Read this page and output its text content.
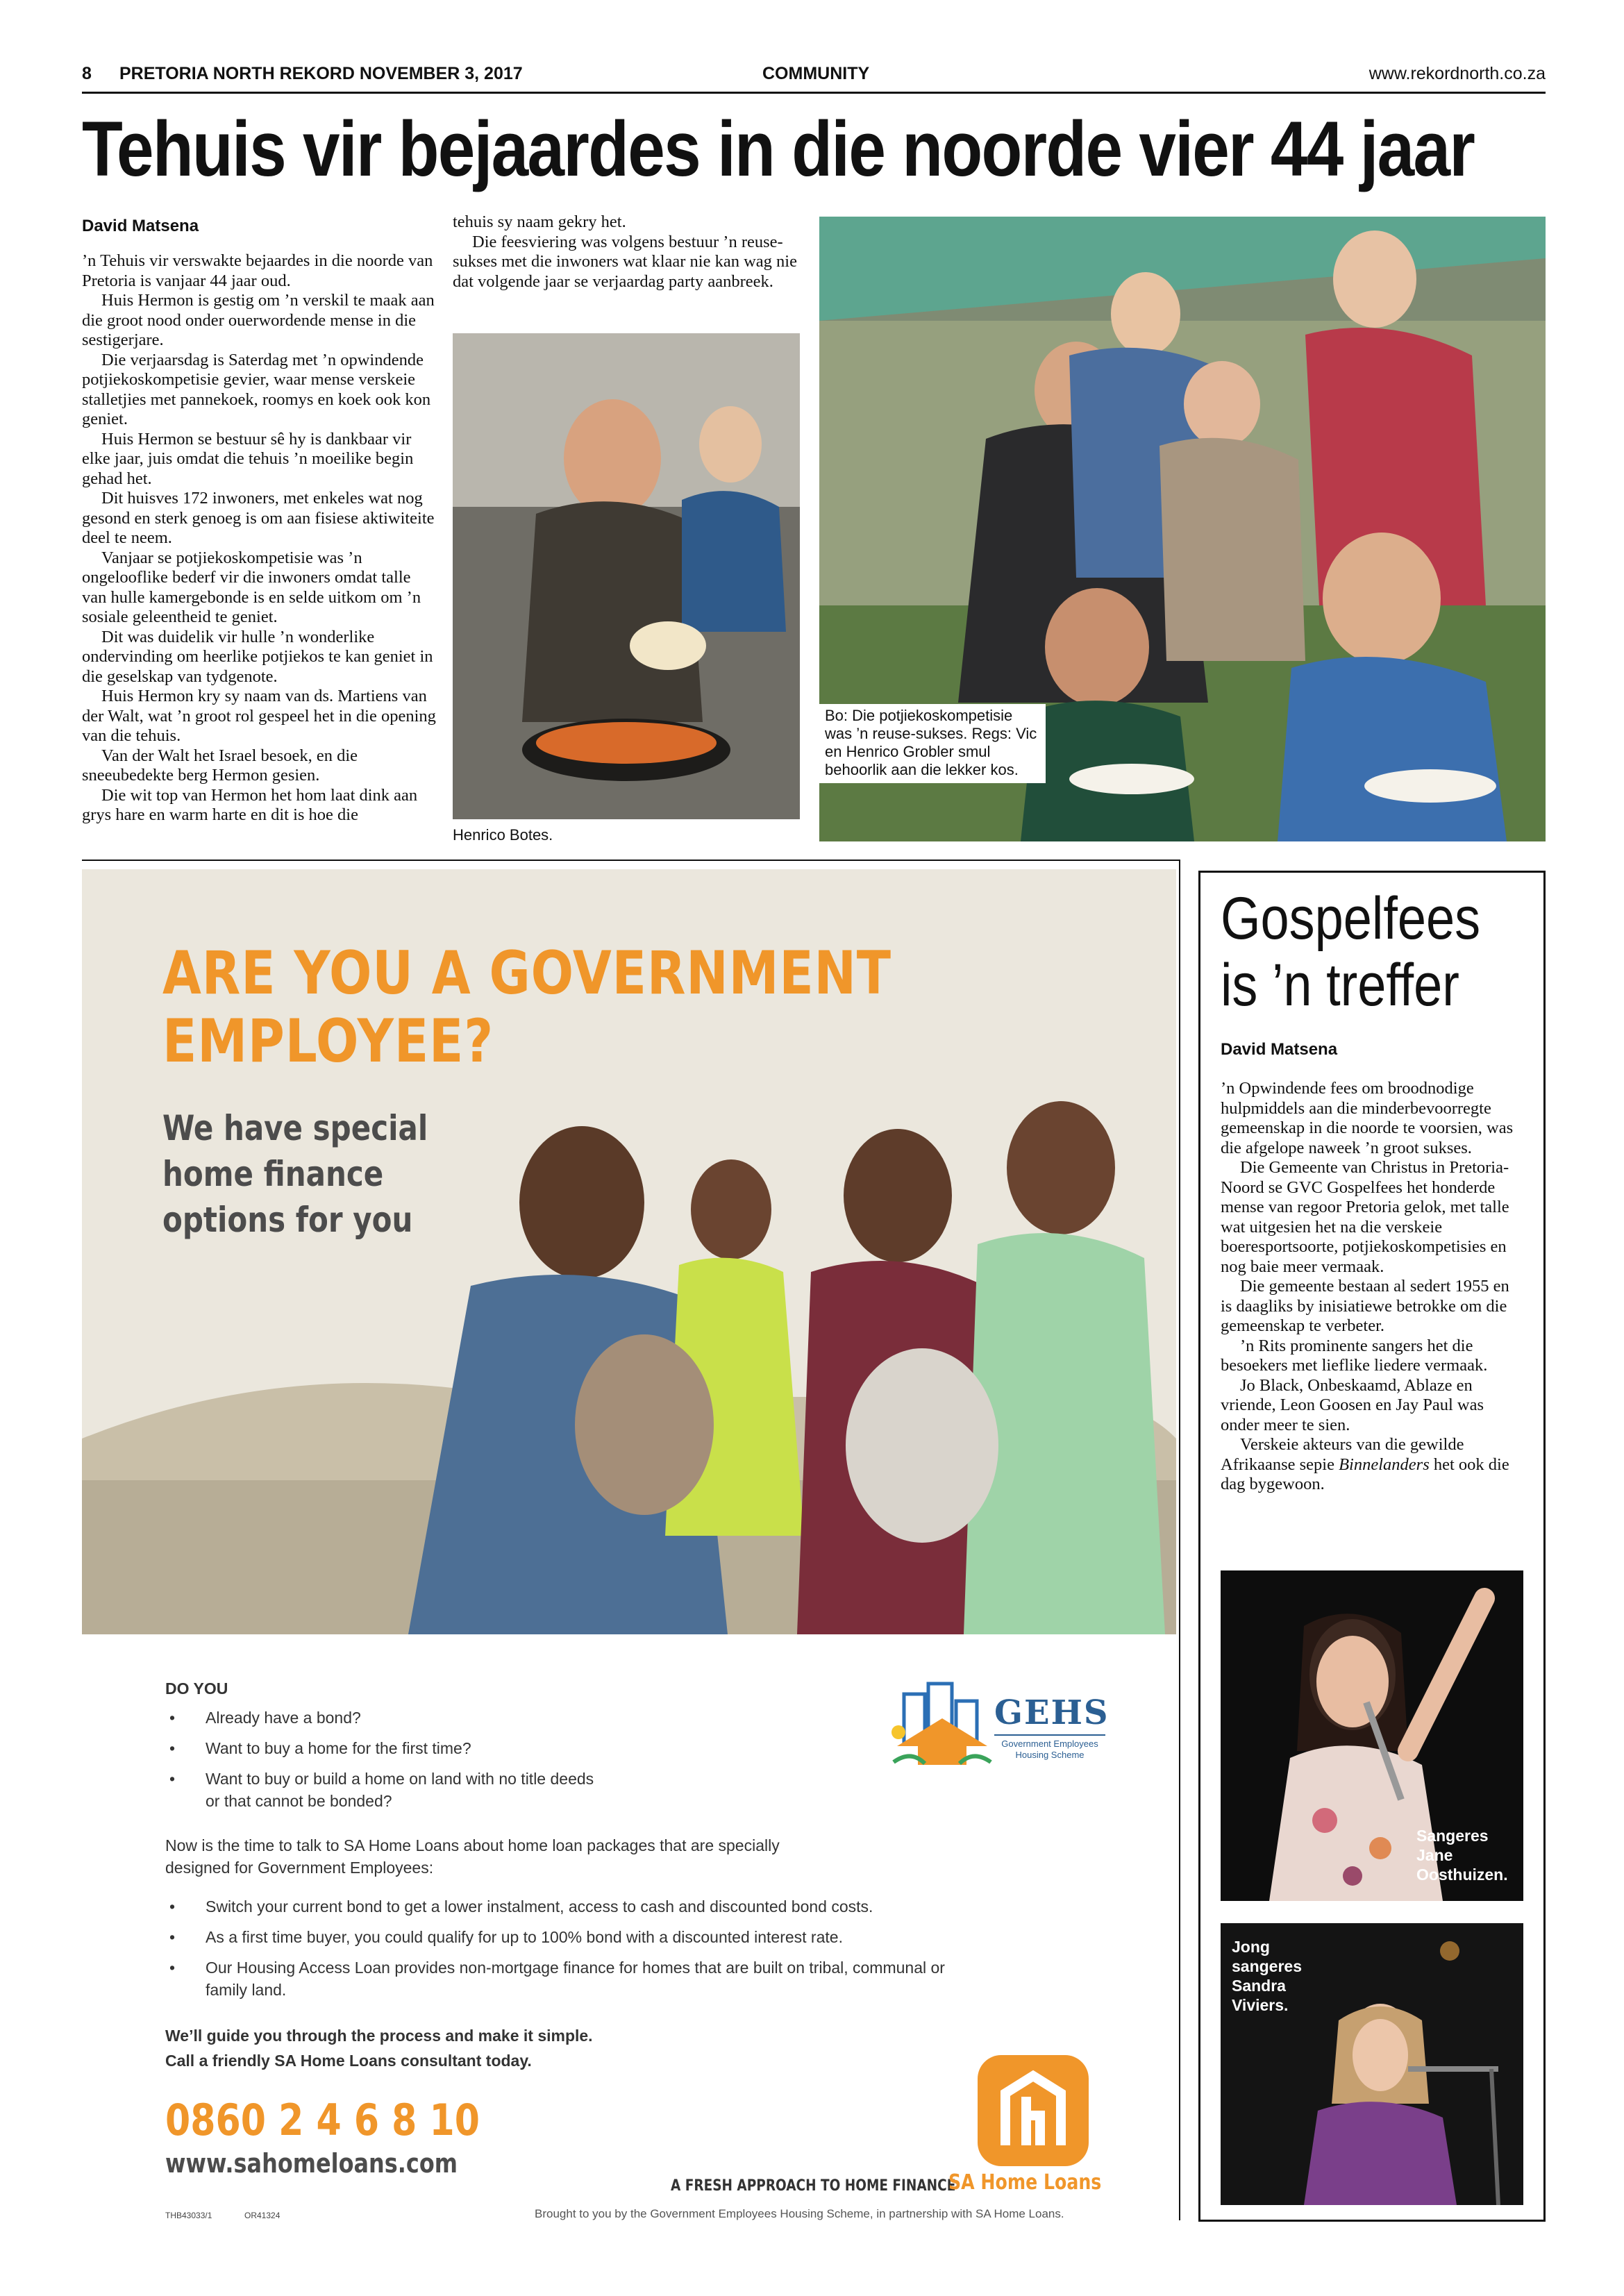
8 PRETORIA NORTH REKORD NOVEMBER 3, 2017	COMMUNITY	www.rekordnorth.co.za
Tehuis vir bejaardes in die noorde vier 44 jaar
David Matsena

’n Tehuis vir verswakte bejaardes in die noorde van Pretoria is vanjaar 44 jaar oud.

Huis Hermon is gestig om ’n verskil te maak aan die groot nood onder ouerwordende mense in die sestigerjare.

Die verjaarsdag is Saterdag met ’n opwindende potjiekoskompetisie gevier, waar mense verskeie stalletjies met pannekoek, roomys en koek ook kon geniet.

Huis Hermon se bestuur sê hy is dankbaar vir elke jaar, juis omdat die tehuis ’n moeilike begin gehad het.

Dit huisves 172 inwoners, met enkeles wat nog gesond en sterk genoeg is om aan fisiese aktiwiteite deel te neem.

Vanjaar se potjiekoskompetisie was ’n ongelooflike bederf vir die inwoners omdat talle van hulle kamergebonde is en selde uitkom om ’n sosiale geleentheid te geniet.

Dit was duidelik vir hulle ’n wonderlike ondervinding om heerlike potjiekos te kan geniet in die geselskap van tydgenote.

Huis Hermon kry sy naam van ds. Martiens van der Walt, wat ’n groot rol gespeel het in die opening van die tehuis.

Van der Walt het Israel besoek, en die sneeubedekte berg Hermon gesien.

Die wit top van Hermon het hom laat dink aan grys hare en warm harte en dit is hoe die

tehuis sy naam gekry het.

Die feesviering was volgens bestuur ’n reuse-sukses met die inwoners wat klaar nie kan wag nie dat volgende jaar se verjaardag party aanbreek.

Henrico Botes.
Bo: Die potjiekoskompetisie was ’n reuse-sukses. Regs: Vic en Henrico Grobler smul behoorlik aan die lekker kos.
ARE YOU A GOVERNMENT
EMPLOYEE?
We have special
home finance
options for you
DO YOU
• Already have a bond?
• Want to buy a home for the first time?
• Want to buy or build a home on land with no title deeds or that cannot be bonded?
Now is the time to talk to SA Home Loans about home loan packages that are specially designed for Government Employees:
• Switch your current bond to get a lower instalment, access to cash and discounted bond costs.
• As a first time buyer, you could qualify for up to 100% bond with a discounted interest rate.
• Our Housing Access Loan provides non-mortgage finance for homes that are built on tribal, communal or family land.
We’ll guide you through the process and make it simple.
Call a friendly SA Home Loans consultant today.
0860 2 4 6 8 10
www.sahomeloans.com
GEHS
Government Employees
Housing Scheme
A FRESH APPROACH TO HOME FINANCE
SA Home Loans
THB43033/1	OR41324	Brought to you by the Government Employees Housing Scheme, in partnership with SA Home Loans.
Gospelfees
is ’n treffer
David Matsena

’n Opwindende fees om broodnodige hulpmiddels aan die minderbevoorregte gemeenskap in die noorde te voorsien, was die afgelope naweek ’n groot sukses.

Die Gemeente van Christus in Pretoria-Noord se GVC Gospelfees het honderde mense van regoor Pretoria gelok, met talle wat uitgesien het na die verskeie boeresportsoorte, potjiekoskompetisies en nog baie meer vermaak.

Die gemeente bestaan al sedert 1955 en is daagliks by inisiatiewe betrokke om die gemeenskap te verbeter.

’n Rits prominente sangers het die besoekers met lieflike liedere vermaak.

Jo Black, Onbeskaamd, Ablaze en vriende, Leon Goosen en Jay Paul was onder meer te sien.

Verskeie akteurs van die gewilde Afrikaanse sepie Binnelanders het ook die dag bygewoon.

Sangeres
Jane
Oosthuizen.
Jong
sangeres
Sandra
Viviers.
